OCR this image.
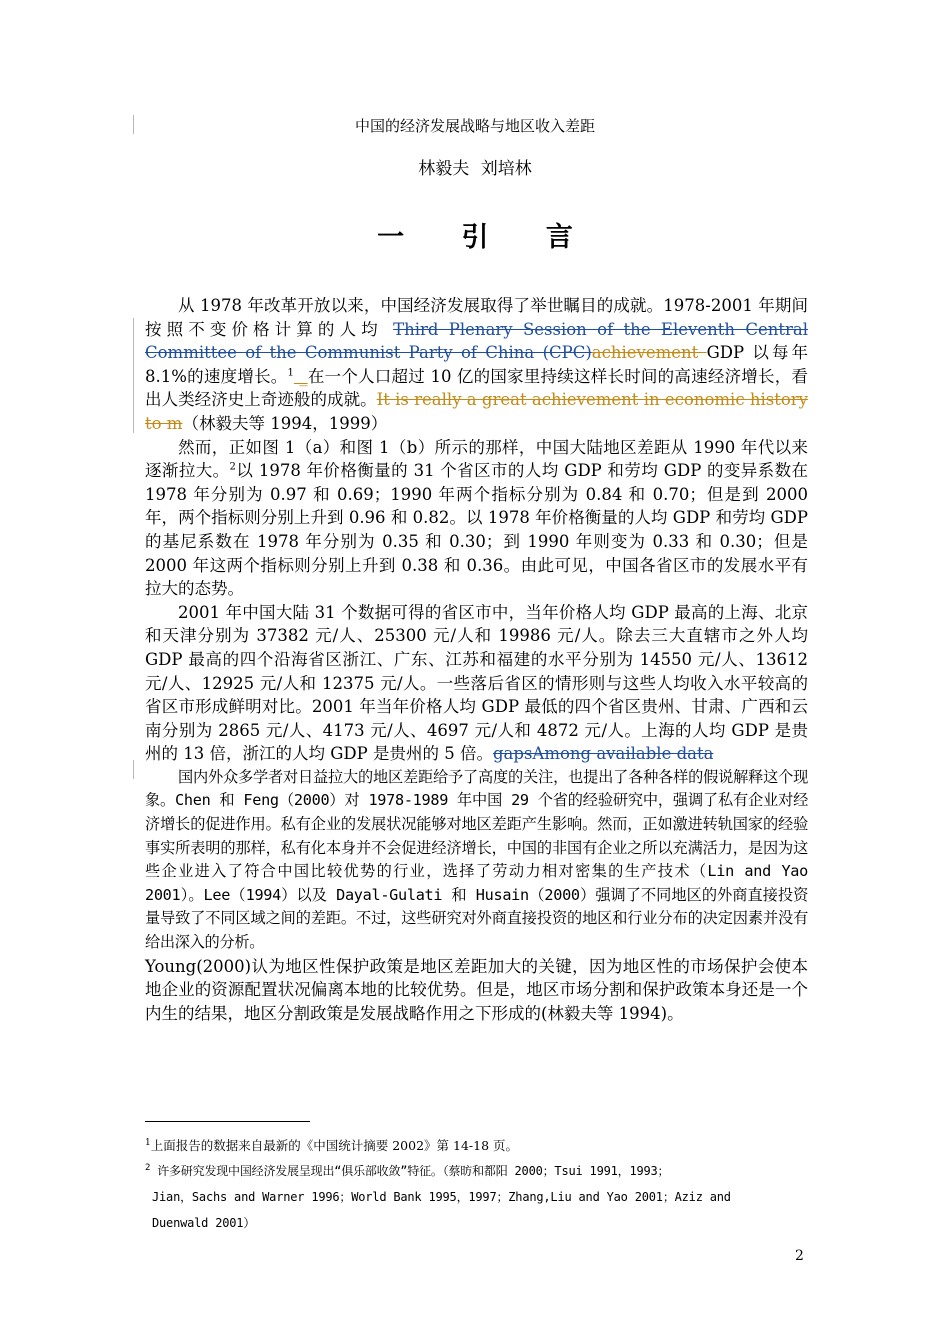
中国的经济发展战略与地区收入差距
林毅夫 刘培林
一 引 言

从 1978 年改革开放以来，中国经济发展取得了举世瞩目的成就。1978-2001 年期间按照不变价格计算的人均 Third Plenary Session of the Eleventh Central Committee of the Communist Party of China (CPC)achievement GDP 以每年 8.1%的速度增长。$^1$ _在一个人口超过 10 亿的国家里持续这样长时间的高速经济增长，看出人类经济史上奇迹般的成就。It is really a great achievement in economic history to m（林毅夫等 1994，1999）

然而，正如图 1（a）和图 1（b）所示的那样，中国大陆地区差距从 1990 年代以来逐渐拉大。$^2$以 1978 年价格衡量的 31 个省区市的人均 GDP 和劳均 GDP 的变异系数在 1978 年分别为 0.97 和 0.69；1990 年两个指标分别为 0.84 和 0.70；但是到 2000 年，两个指标则分别上升到 0.96 和 0.82。以 1978 年价格衡量的人均 GDP 和劳均 GDP 的基尼系数在 1978 年分别为 0.35 和 0.30；到 1990 年则变为 0.33 和 0.30；但是 2000 年这两个指标则分别上升到 0.38 和 0.36。由此可见，中国各省区市的发展水平有拉大的态势。

2001 年中国大陆 31 个数据可得的省区市中，当年价格人均 GDP 最高的上海、北京和天津分别为 37382 元/人、25300 元/人和 19986 元/人。除去三大直辖市之外人均 GDP 最高的四个沿海省区浙江、广东、江苏和福建的水平分别为 14550 元/人、13612 元/人、12925 元/人和 12375 元/人。一些落后省区的情形则与这些人均收入水平较高的省区市形成鲜明对比。2001 年当年价格人均 GDP 最低的四个省区贵州、甘肃、广西和云南分别为 2865 元/人、4173 元/人、4697 元/人和 4872 元/人。上海的人均 GDP 是贵州的 13 倍，浙江的人均 GDP 是贵州的 5 倍。gapsAmong available data

国内外众多学者对日益拉大的地区差距给予了高度的关注，也提出了各种各样的假说解释这个现象。Chen 和 Feng（2000）对 1978-1989 年中国 29 个省的经验研究中，强调了私有企业对经济增长的促进作用。私有企业的发展状况能够对地区差距产生影响。然而，正如激进转轨国家的经验事实所表明的那样，私有化本身并不会促进经济增长，中国的非国有企业之所以充满活力，是因为这些企业进入了符合中国比较优势的行业，选择了劳动力相对密集的生产技术（Lin and Yao 2001）。Lee（1994）以及 Dayal-Gulati 和 Husain（2000）强调了不同地区的外商直接投资量导致了不同区域之间的差距。不过，这些研究对外商直接投资的地区和行业分布的决定因素并没有给出深入的分析。

Young(2000)认为地区性保护政策是地区差距加大的关键，因为地区性的市场保护会使本地企业的资源配置状况偏离本地的比较优势。但是，地区市场分割和保护政策本身还是一个内生的结果，地区分割政策是发展战略作用之下形成的(林毅夫等 1994)。

$^1$上面报告的数据来自最新的《中国统计摘要 2002》第 14-18 页。
$^2$ 许多研究发现中国经济发展呈现出“俱乐部收敛”特征。（蔡昉和都阳 2000；Tsui 1991，1993；
Jian，Sachs and Warner 1996；World Bank 1995，1997；Zhang,Liu and Yao 2001；Aziz and
Duenwald 2001）
2
